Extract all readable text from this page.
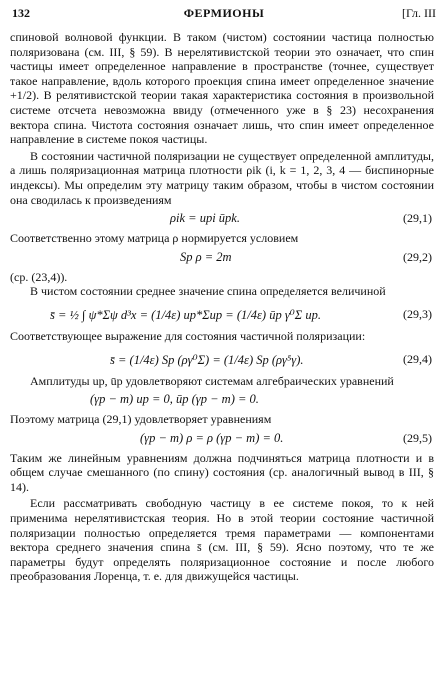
132	ФЕРМИОНЫ	[Гл. III

спиновой волновой функции. В таком (чистом) состоянии частица полностью поляризована (см. III, § 59). В нерелятивистской теории это означает, что спин частицы имеет определенное направление в пространстве (точнее, существует такое направление, вдоль которого проекция спина имеет определенное значение +1/2). В релятивистской теории такая характеристика состояния в произвольной системе отсчета невозможна ввиду (отмеченного уже в § 23) несохранения вектора спина. Чистота состояния означает лишь, что спин имеет определенное направление в системе покоя частицы.

В состоянии частичной поляризации не существует определенной амплитуды, а лишь поляризационная матрица плотности ρik (i, k = 1, 2, 3, 4 — биспинорные индексы). Мы определим эту матрицу таким образом, чтобы в чистом состоянии она сводилась к произведениям

ρik = upi ūpk.	(29,1)

Соответственно этому матрица ρ нормируется условием

Sp ρ = 2m	(29,2)

(ср. (23,4)).

В чистом состоянии среднее значение спина определяется величиной

s̄ = ½ ∫ ψ*Σψ d³x = (1/4ε) up*Σup = (1/4ε) ūp γ⁰Σ up.	(29,3)

Соответствующее выражение для состояния частичной поляризации:

s̄ = (1/4ε) Sp (ργ⁰Σ) = (1/4ε) Sp (ργ⁵γ).	(29,4)

Амплитуды up, ūp удовлетворяют системам алгебраических уравнений

(γp − m) up = 0, ūp (γp − m) = 0.

Поэтому матрица (29,1) удовлетворяет уравнениям

(γp − m) ρ = ρ (γp − m) = 0.	(29,5)

Таким же линейным уравнениям должна подчиняться матрица плотности и в общем случае смешанного (по спину) состояния (ср. аналогичный вывод в III, § 14).

Если рассматривать свободную частицу в ее системе покоя, то к ней применима нерелятивистская теория. Но в этой теории состояние частичной поляризации полностью определяется тремя параметрами — компонентами вектора среднего значения спина s̄ (см. III, § 59). Ясно поэтому, что те же параметры будут определять поляризационное состояние и после любого преобразования Лоренца, т. е. для движущейся частицы.
